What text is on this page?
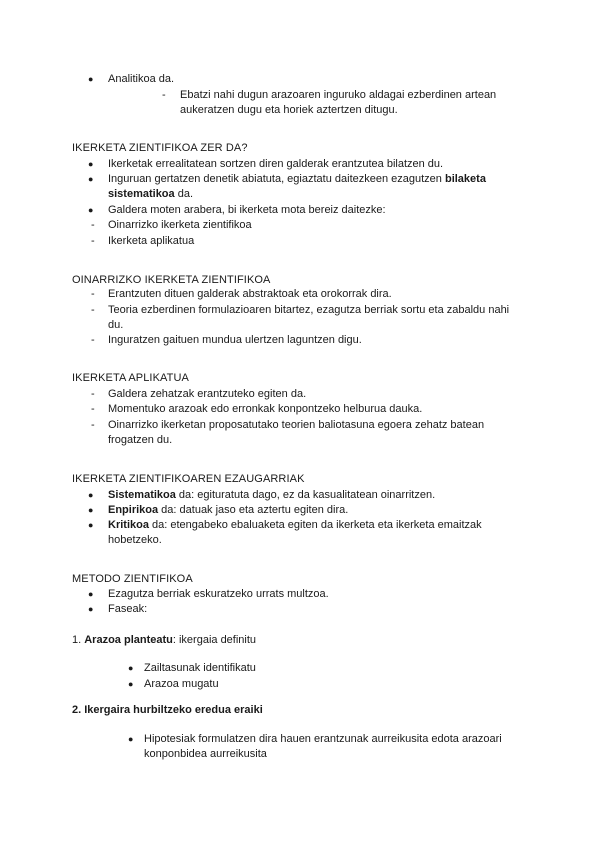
● Analitikoa da.

- Ebatzi nahi dugun arazoaren inguruko aldagai ezberdinen artean

aukeratzen dugu eta horiek aztertzen ditugu.

IKERKETA ZIENTIFIKOA ZER DA?

● Ikerketak errealitatean sortzen diren galderak erantzutea bilatzen du.

● Inguruan gertatzen denetik abiatuta, egiaztatu daitezkeen ezagutzen bilaketa

sistematikoa da.

● Galdera moten arabera, bi ikerketa mota bereiz daitezke:

- Oinarrizko ikerketa zientifikoa

- Ikerketa aplikatua

OINARRIZKO IKERKETA ZIENTIFIKOA

- Erantzuten dituen galderak abstraktoak eta orokorrak dira.

- Teoria ezberdinen formulazioaren bitartez, ezagutza berriak sortu eta zabaldu nahi

du.

- Inguratzen gaituen mundua ulertzen laguntzen digu.

IKERKETA APLIKATUA

- Galdera zehatzak erantzuteko egiten da.

- Momentuko arazoak edo erronkak konpontzeko helburua dauka.

- Oinarrizko ikerketan proposatutako teorien baliotasuna egoera zehatz batean

frogatzen du.

IKERKETA ZIENTIFIKOAREN EZAUGARRIAK

● Sistematikoa da: egituratuta dago, ez da kasualitatean oinarritzen.

● Enpirikoa da: datuak jaso eta aztertu egiten dira.

● Kritikoa da: etengabeko ebaluaketa egiten da ikerketa eta ikerketa emaitzak

hobetzeko.

METODO ZIENTIFIKOA

● Ezagutza berriak eskuratzeko urrats multzoa.

● Faseak:

1. Arazoa planteatu: ikergaia definitu

● Zailtasunak identifikatu

● Arazoa mugatu

2. Ikergaira hurbiltzeko eredua eraiki

● Hipotesiak formulatzen dira hauen erantzunak aurreikusita edota arazoari

konponbidea aurreikusita
